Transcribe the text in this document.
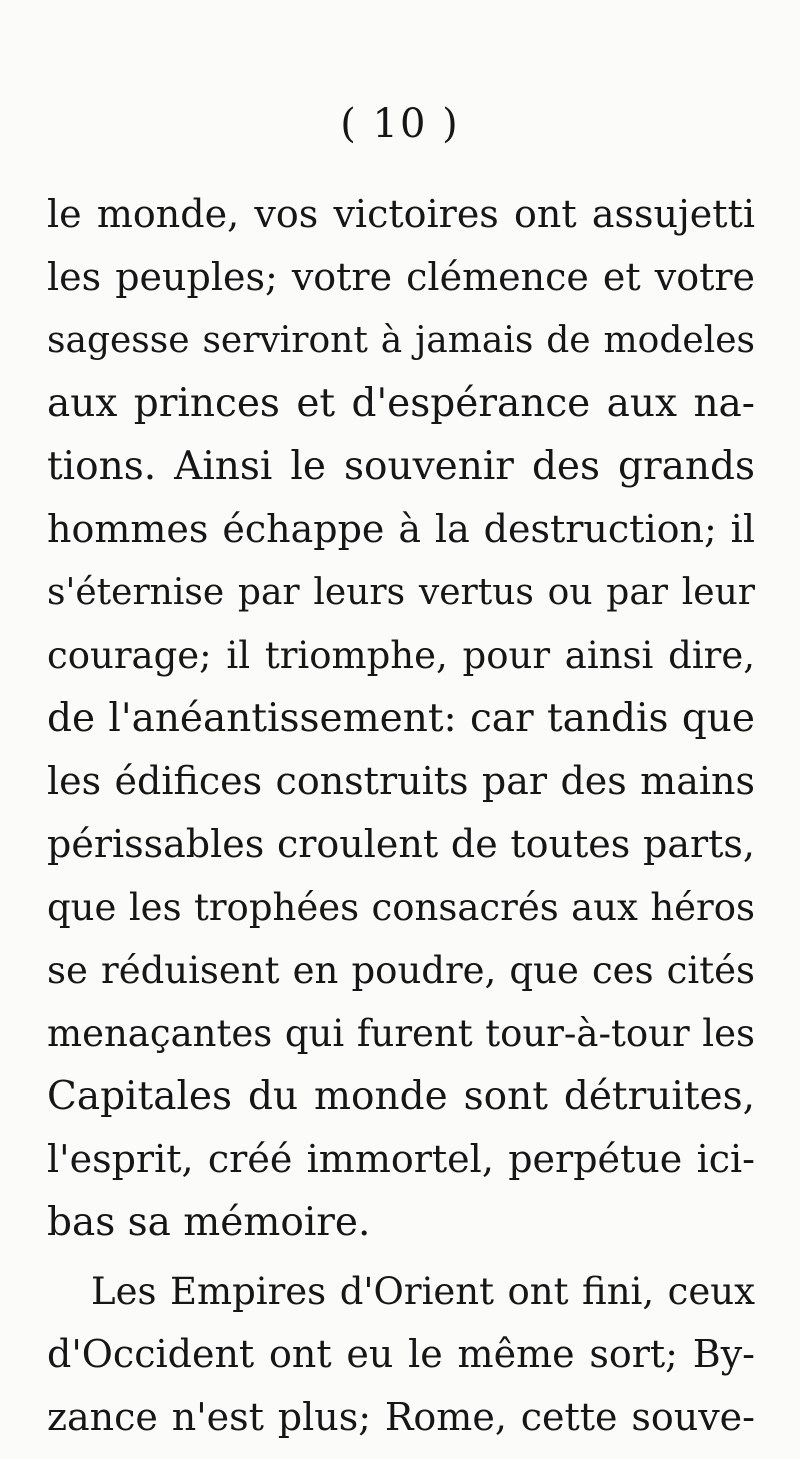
( 10 )
le monde, vos victoires ont assujetti
les peuples; votre clémence et votre
sagesse serviront à jamais de modeles
aux princes et d'espérance aux na-
tions. Ainsi le souvenir des grands
hommes échappe à la destruction; il
s'éternise par leurs vertus ou par leur
courage; il triomphe, pour ainsi dire,
de l'anéantissement: car tandis que
les édifices construits par des mains
périssables croulent de toutes parts,
que les trophées consacrés aux héros
se réduisent en poudre, que ces cités
menaçantes qui furent tour-à-tour les
Capitales du monde sont détruites,
l'esprit, créé immortel, perpétue ici-
bas sa mémoire.
Les Empires d'Orient ont fini, ceux
d'Occident ont eu le même sort; By-
zance n'est plus; Rome, cette souve-
